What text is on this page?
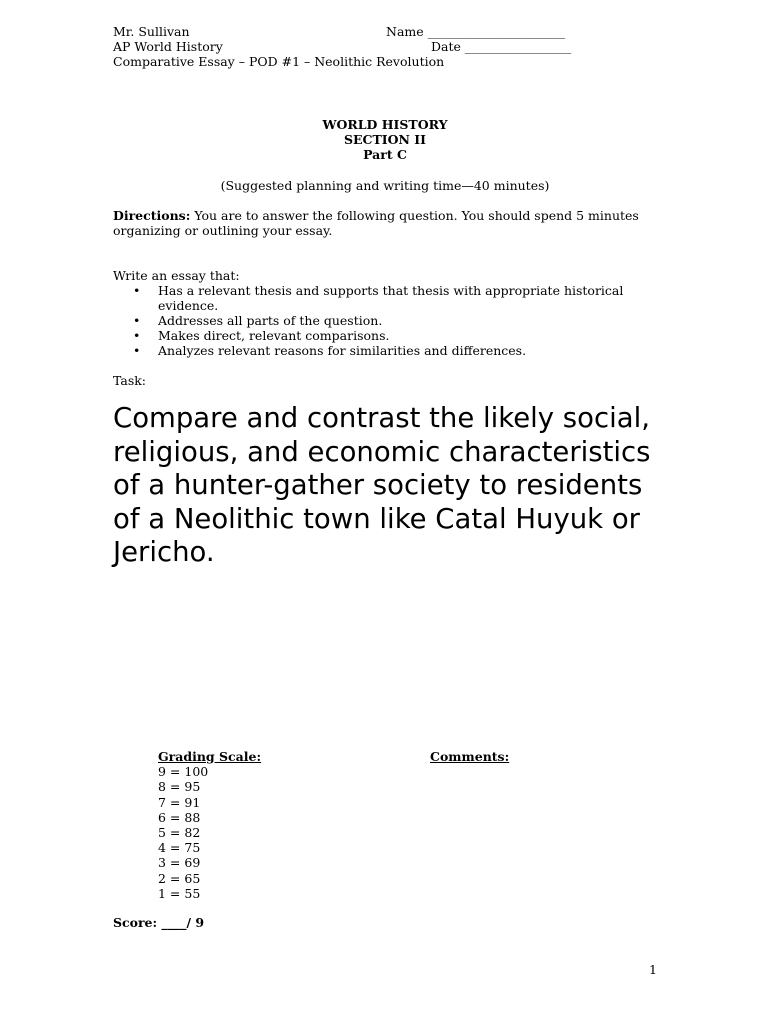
Mr. Sullivan
AP World History
Comparative Essay – POD #1 – Neolithic Revolution
Name ______________________
Date _________________
WORLD HISTORY
SECTION II
Part C
(Suggested planning and writing time—40 minutes)
Directions: You are to answer the following question. You should spend 5 minutes organizing or outlining your essay.
Write an essay that:
• Has a relevant thesis and supports that thesis with appropriate historical evidence.
• Addresses all parts of the question.
• Makes direct, relevant comparisons.
• Analyzes relevant reasons for similarities and differences.
Task:
Compare and contrast the likely social, religious, and economic characteristics of a hunter-gather society to residents of a Neolithic town like Catal Huyuk or Jericho.
Grading Scale:
9 = 100
8 = 95
7 = 91
6 = 88
5 = 82
4 = 75
3 = 69
2 = 65
1 = 55
Comments:
Score: ____/ 9
1
